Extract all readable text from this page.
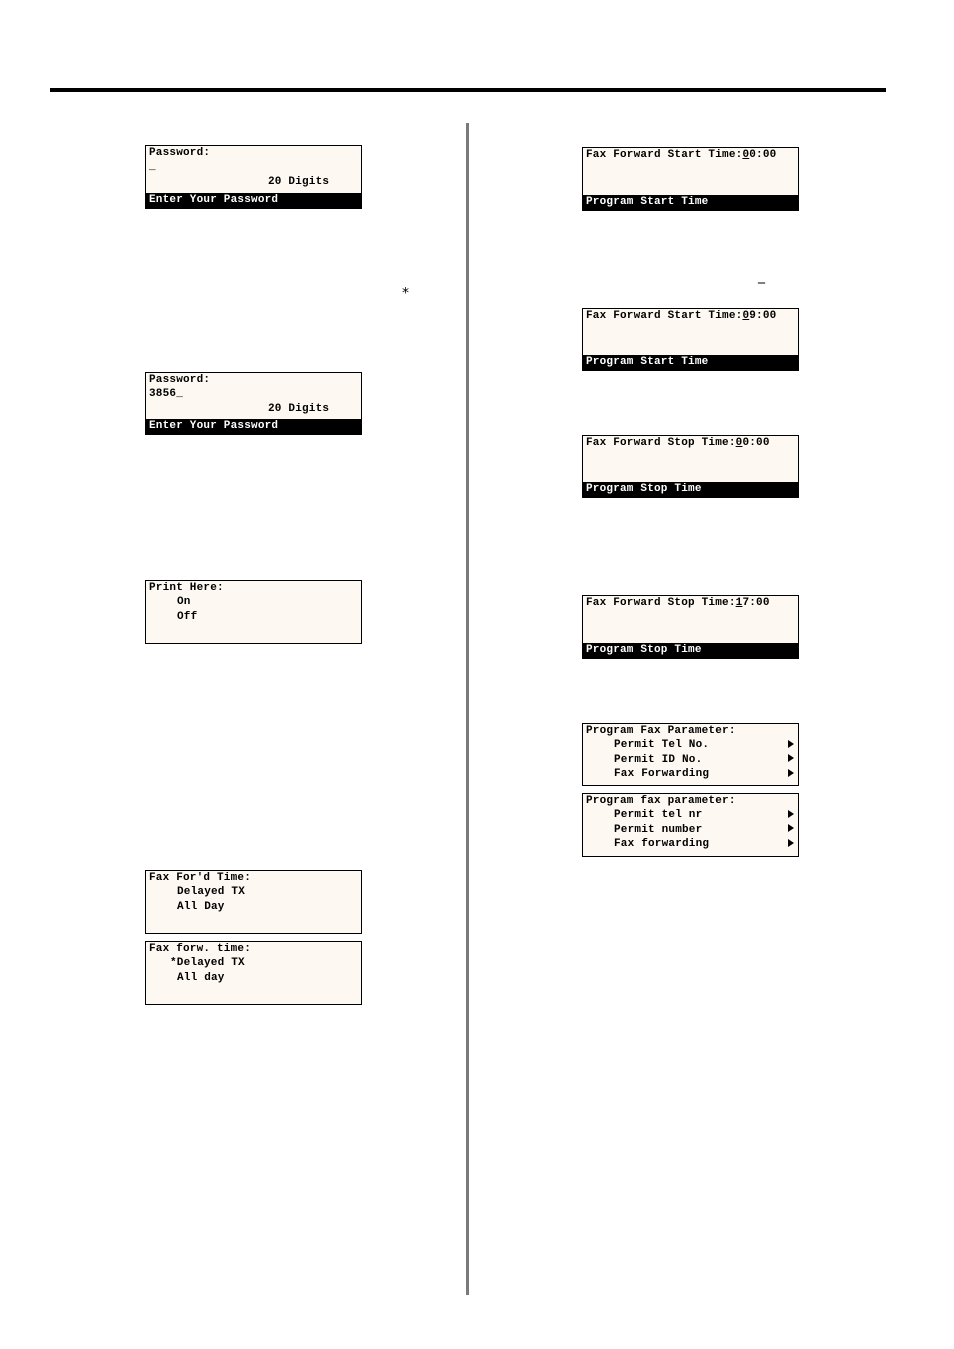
Password:
_
20 Digits
Enter Your Password
⁎
Password:
3856_
20 Digits
Enter Your Password
Print Here:
On
Off
Fax For'd Time:
Delayed TX
All Day
Fax forw. time:
*Delayed TX
All day
Fax Forward Start Time:00:00
Program Start Time
_
Fax Forward Start Time:09:00
Program Start Time
Fax Forward Stop Time:00:00
Program Stop Time
Fax Forward Stop Time:17:00
Program Stop Time
Program Fax Parameter:
Permit Tel No.
Permit ID No.
Fax Forwarding
Program fax parameter:
Permit tel nr
Permit number
Fax forwarding
